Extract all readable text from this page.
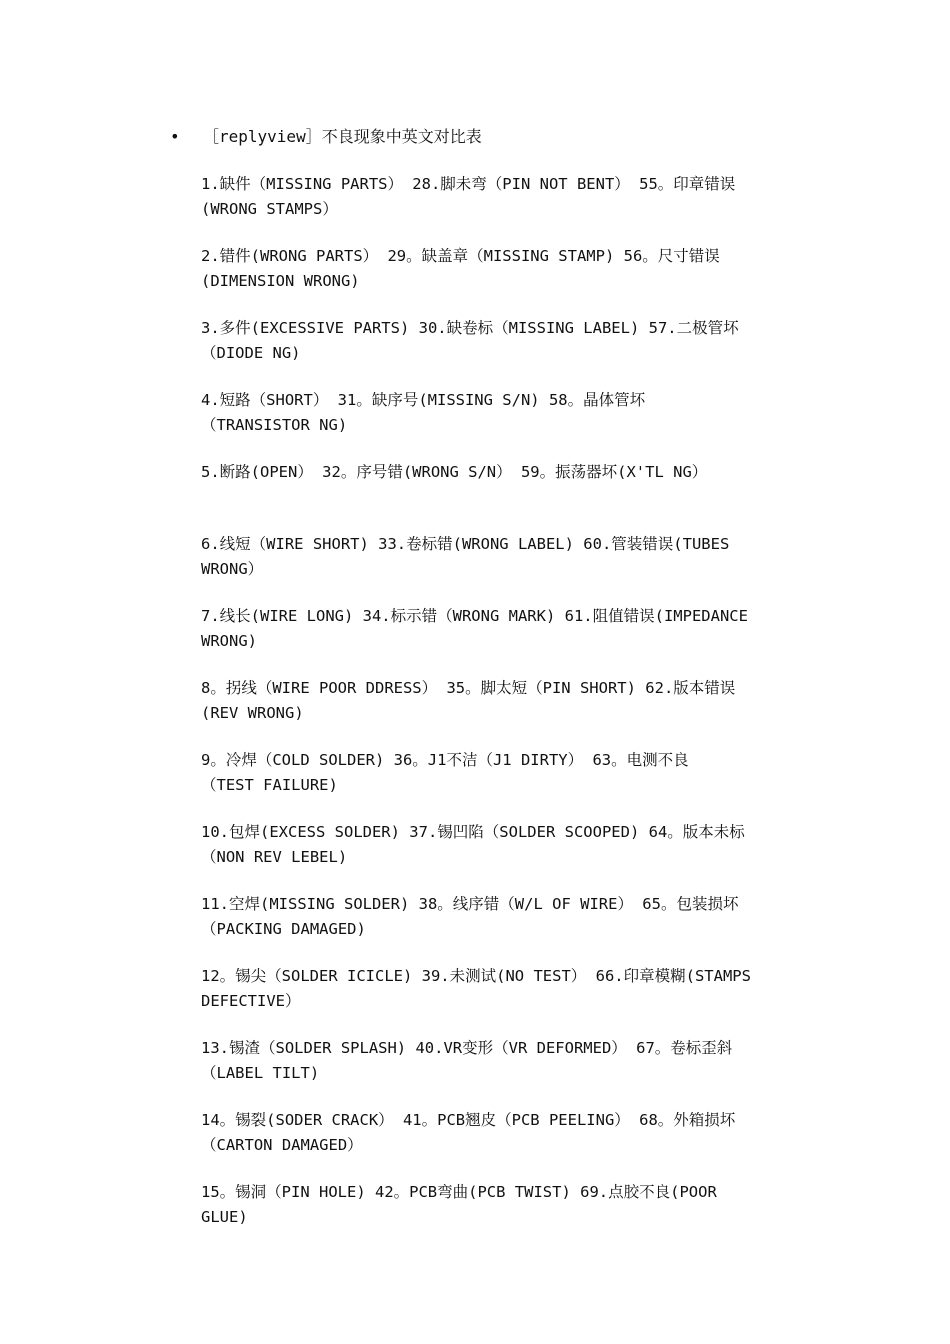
• ［replyview］不良现象中英文对比表

1.缺件（MISSING PARTS） 28.脚未弯（PIN NOT BENT） 55。印章错误
(WRONG STAMPS）

2.错件(WRONG PARTS） 29。缺盖章（MISSING STAMP) 56。尺寸错误
(DIMENSION WRONG)

3.多件(EXCESSIVE PARTS) 30.缺卷标（MISSING LABEL) 57.二极管坏
（DIODE NG)

4.短路（SHORT） 31。缺序号(MISSING S/N) 58。晶体管坏
（TRANSISTOR NG)

5.断路(OPEN） 32。序号错(WRONG S/N） 59。振荡器坏(X'TL NG）

6.线短（WIRE SHORT) 33.卷标错(WRONG LABEL) 60.管装错误(TUBES
WRONG）

7.线长(WIRE LONG) 34.标示错（WRONG MARK) 61.阻值错误(IMPEDANCE
WRONG)

8。拐线（WIRE POOR DDRESS） 35。脚太短（PIN SHORT) 62.版本错误
(REV WRONG)

9。冷焊（COLD SOLDER) 36。J1不洁（J1 DIRTY） 63。电测不良
（TEST FAILURE)

10.包焊(EXCESS SOLDER) 37.锡凹陷（SOLDER SCOOPED) 64。版本未标
（NON REV LEBEL)

11.空焊(MISSING SOLDER) 38。线序错（W/L OF WIRE） 65。包装损坏
（PACKING DAMAGED)

12。锡尖（SOLDER ICICLE) 39.未测试(NO TEST） 66.印章模糊(STAMPS
DEFECTIVE）

13.锡渣（SOLDER SPLASH) 40.VR变形（VR DEFORMED） 67。卷标歪斜
（LABEL TILT)

14。锡裂(SODER CRACK） 41。PCB翘皮（PCB PEELING） 68。外箱损坏
（CARTON DAMAGED）

15。锡洞（PIN HOLE) 42。PCB弯曲(PCB TWIST) 69.点胶不良(POOR
GLUE)
